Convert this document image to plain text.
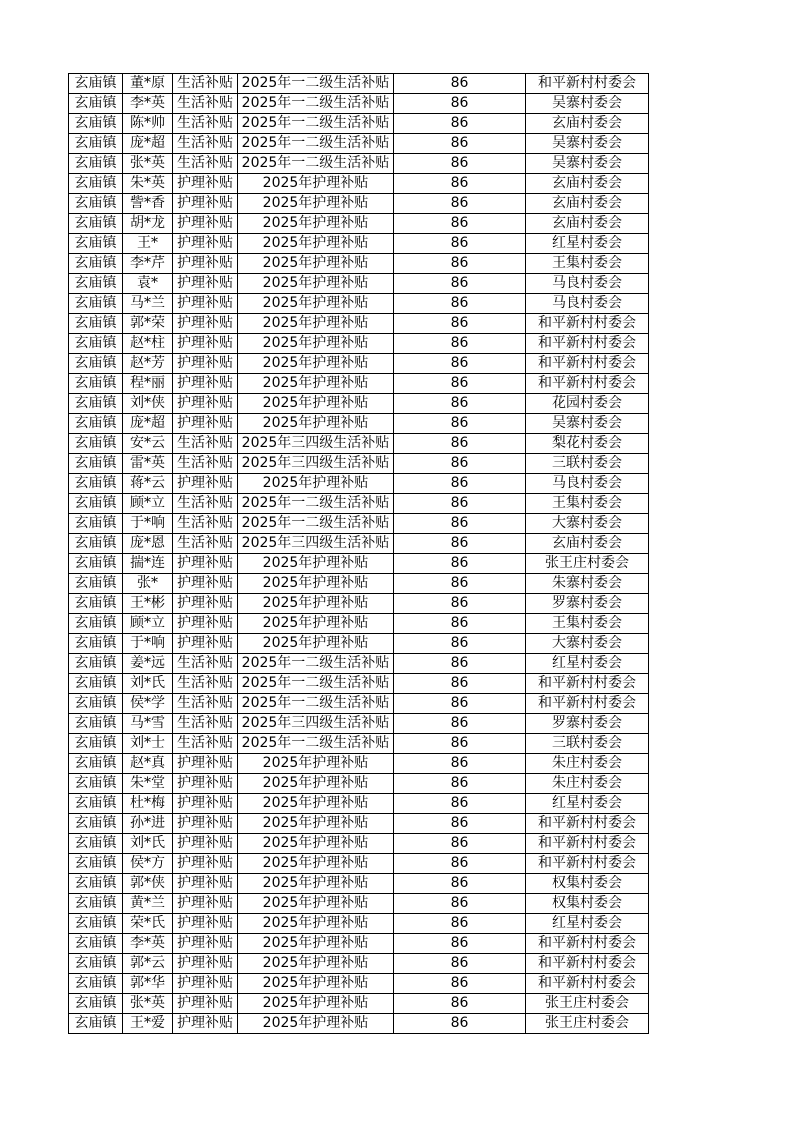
玄庙镇	董*原	生活补贴	2025年一二级生活补贴	86	和平新村村委会
玄庙镇	李*英	生活补贴	2025年一二级生活补贴	86	吴寨村委会
玄庙镇	陈*帅	生活补贴	2025年一二级生活补贴	86	玄庙村委会
玄庙镇	庞*超	生活补贴	2025年一二级生活补贴	86	吴寨村委会
玄庙镇	张*英	生活补贴	2025年一二级生活补贴	86	吴寨村委会
玄庙镇	朱*英	护理补贴	2025年护理补贴	86	玄庙村委会
玄庙镇	訾*香	护理补贴	2025年护理补贴	86	玄庙村委会
玄庙镇	胡*龙	护理补贴	2025年护理补贴	86	玄庙村委会
玄庙镇	王*	护理补贴	2025年护理补贴	86	红星村委会
玄庙镇	李*芹	护理补贴	2025年护理补贴	86	王集村委会
玄庙镇	袁*	护理补贴	2025年护理补贴	86	马良村委会
玄庙镇	马*兰	护理补贴	2025年护理补贴	86	马良村委会
玄庙镇	郭*荣	护理补贴	2025年护理补贴	86	和平新村村委会
玄庙镇	赵*柱	护理补贴	2025年护理补贴	86	和平新村村委会
玄庙镇	赵*芳	护理补贴	2025年护理补贴	86	和平新村村委会
玄庙镇	程*丽	护理补贴	2025年护理补贴	86	和平新村村委会
玄庙镇	刘*侠	护理补贴	2025年护理补贴	86	花园村委会
玄庙镇	庞*超	护理补贴	2025年护理补贴	86	吴寨村委会
玄庙镇	安*云	生活补贴	2025年三四级生活补贴	86	梨花村委会
玄庙镇	雷*英	生活补贴	2025年三四级生活补贴	86	三联村委会
玄庙镇	蒋*云	护理补贴	2025年护理补贴	86	马良村委会
玄庙镇	顾*立	生活补贴	2025年一二级生活补贴	86	王集村委会
玄庙镇	于*响	生活补贴	2025年一二级生活补贴	86	大寨村委会
玄庙镇	庞*恩	生活补贴	2025年三四级生活补贴	86	玄庙村委会
玄庙镇	揣*连	护理补贴	2025年护理补贴	86	张王庄村委会
玄庙镇	张*	护理补贴	2025年护理补贴	86	朱寨村委会
玄庙镇	王*彬	护理补贴	2025年护理补贴	86	罗寨村委会
玄庙镇	顾*立	护理补贴	2025年护理补贴	86	王集村委会
玄庙镇	于*响	护理补贴	2025年护理补贴	86	大寨村委会
玄庙镇	姜*远	生活补贴	2025年一二级生活补贴	86	红星村委会
玄庙镇	刘*氏	生活补贴	2025年一二级生活补贴	86	和平新村村委会
玄庙镇	侯*学	生活补贴	2025年一二级生活补贴	86	和平新村村委会
玄庙镇	马*雪	生活补贴	2025年三四级生活补贴	86	罗寨村委会
玄庙镇	刘*士	生活补贴	2025年一二级生活补贴	86	三联村委会
玄庙镇	赵*真	护理补贴	2025年护理补贴	86	朱庄村委会
玄庙镇	朱*堂	护理补贴	2025年护理补贴	86	朱庄村委会
玄庙镇	杜*梅	护理补贴	2025年护理补贴	86	红星村委会
玄庙镇	孙*进	护理补贴	2025年护理补贴	86	和平新村村委会
玄庙镇	刘*氏	护理补贴	2025年护理补贴	86	和平新村村委会
玄庙镇	侯*方	护理补贴	2025年护理补贴	86	和平新村村委会
玄庙镇	郭*侠	护理补贴	2025年护理补贴	86	权集村委会
玄庙镇	黄*兰	护理补贴	2025年护理补贴	86	权集村委会
玄庙镇	荣*氏	护理补贴	2025年护理补贴	86	红星村委会
玄庙镇	李*英	护理补贴	2025年护理补贴	86	和平新村村委会
玄庙镇	郭*云	护理补贴	2025年护理补贴	86	和平新村村委会
玄庙镇	郭*华	护理补贴	2025年护理补贴	86	和平新村村委会
玄庙镇	张*英	护理补贴	2025年护理补贴	86	张王庄村委会
玄庙镇	王*爱	护理补贴	2025年护理补贴	86	张王庄村委会
